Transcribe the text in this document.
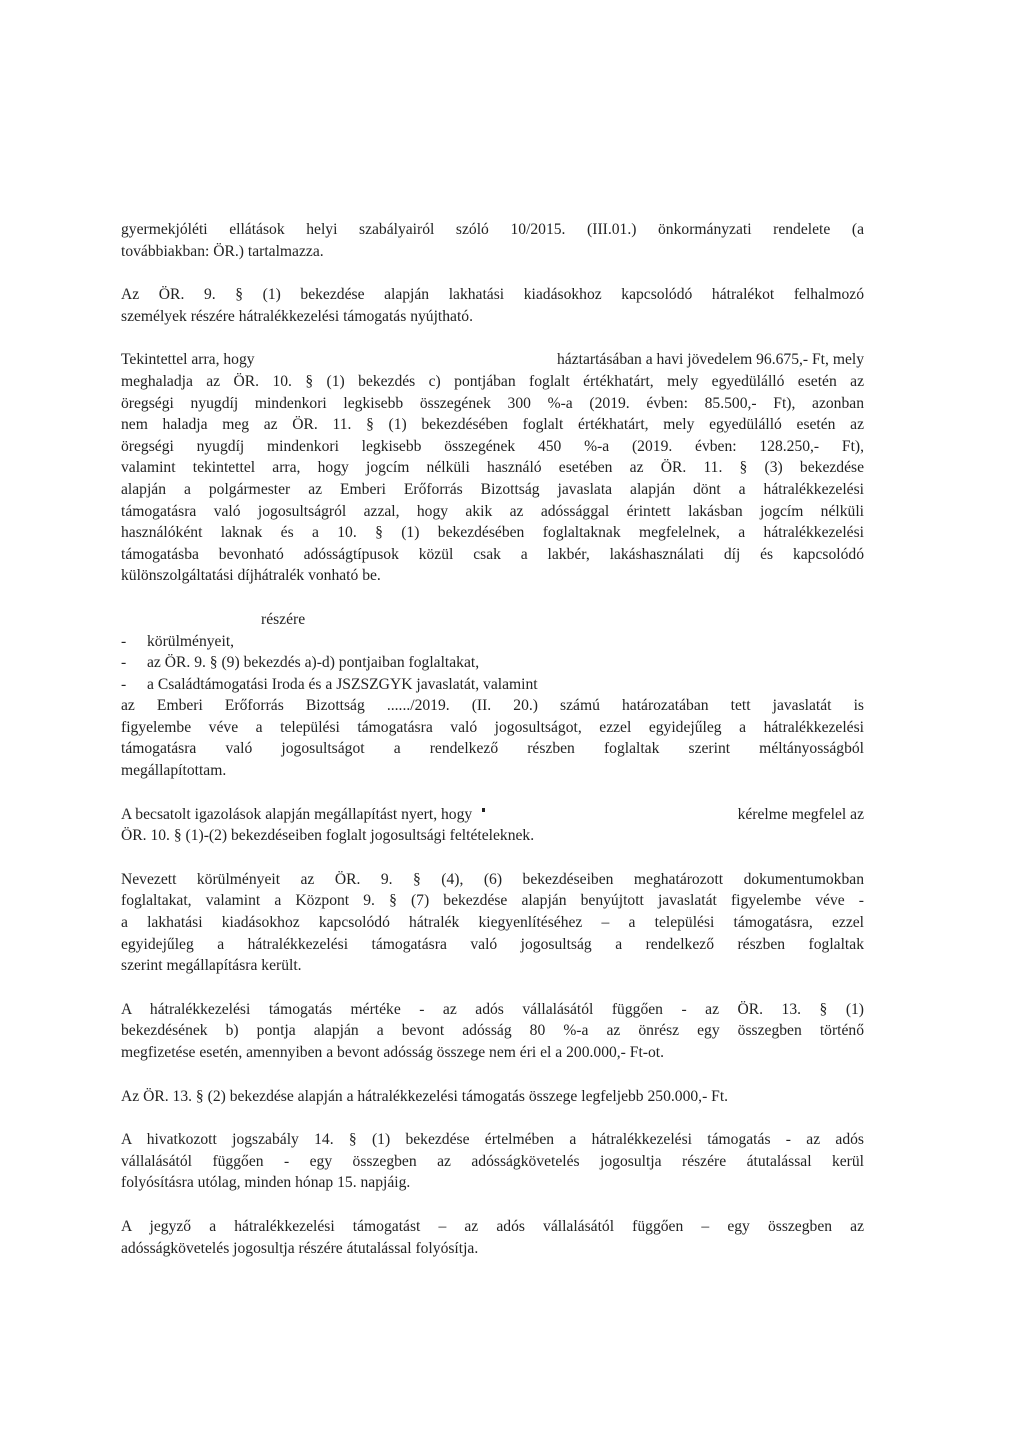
gyermekjóléti ellátások helyi szabályairól szóló 10/2015. (III.01.) önkormányzati rendelete (a
továbbiakban: ÖR.) tartalmazza.
Az ÖR. 9. § (1) bekezdése alapján lakhatási kiadásokhoz kapcsolódó hátralékot felhalmozó
személyek részére hátralékkezelési támogatás nyújtható.
Tekintettel arra, hogy	háztartásában a havi jövedelem 96.675,- Ft, mely
meghaladja az ÖR. 10. § (1) bekezdés c) pontjában foglalt értékhatárt, mely egyedülálló esetén az
öregségi nyugdíj mindenkori legkisebb összegének 300 %-a (2019. évben: 85.500,- Ft), azonban
nem haladja meg az ÖR. 11. § (1) bekezdésében foglalt értékhatárt, mely egyedülálló esetén az
öregségi nyugdíj mindenkori legkisebb összegének 450 %-a (2019. évben: 128.250,- Ft),
valamint tekintettel arra, hogy jogcím nélküli használó esetében az ÖR. 11. § (3) bekezdése
alapján a polgármester az Emberi Erőforrás Bizottság javaslata alapján dönt a hátralékkezelési
támogatásra való jogosultságról azzal, hogy akik az adóssággal érintett lakásban jogcím nélküli
használóként laknak és a 10. § (1) bekezdésében foglaltaknak megfelelnek, a hátralékkezelési
támogatásba bevonható adósságtípusok közül csak a lakbér, lakáshasználati díj és kapcsolódó
különszolgáltatási díjhátralék vonható be.
részére
-	körülményeit,
-	az ÖR. 9. § (9) bekezdés a)-d) pontjaiban foglaltakat,
-	a Családtámogatási Iroda és a JSZSZGYK javaslatát, valamint
az Emberi Erőforrás Bizottság ....../2019. (II. 20.) számú határozatában tett javaslatát is
figyelembe véve a települési támogatásra való jogosultságot, ezzel egyidejűleg a hátralékkezelési
támogatásra való jogosultságot a rendelkező részben foglaltak szerint méltányosságból
megállapítottam.
A becsatolt igazolások alapján megállapítást nyert, hogy	kérelme megfelel az
ÖR. 10. § (1)-(2) bekezdéseiben foglalt jogosultsági feltételeknek.
Nevezett körülményeit az ÖR. 9. § (4), (6) bekezdéseiben meghatározott dokumentumokban
foglaltakat, valamint a Központ 9. § (7) bekezdése alapján benyújtott javaslatát figyelembe véve -
a lakhatási kiadásokhoz kapcsolódó hátralék kiegyenlítéséhez – a települési támogatásra, ezzel
egyidejűleg a hátralékkezelési támogatásra való jogosultság a rendelkező részben foglaltak
szerint megállapításra került.
A hátralékkezelési támogatás mértéke - az adós vállalásától függően - az ÖR. 13. § (1)
bekezdésének b) pontja alapján a bevont adósság 80 %-a az önrész egy összegben történő
megfizetése esetén, amennyiben a bevont adósság összege nem éri el a 200.000,- Ft-ot.
Az ÖR. 13. § (2) bekezdése alapján a hátralékkezelési támogatás összege legfeljebb 250.000,- Ft.
A hivatkozott jogszabály 14. § (1) bekezdése értelmében a hátralékkezelési támogatás - az adós
vállalásától függően - egy összegben az adósságkövetelés jogosultja részére átutalással kerül
folyósításra utólag, minden hónap 15. napjáig.
A jegyző a hátralékkezelési támogatást – az adós vállalásától függően – egy összegben az
adósságkövetelés jogosultja részére átutalással folyósítja.
